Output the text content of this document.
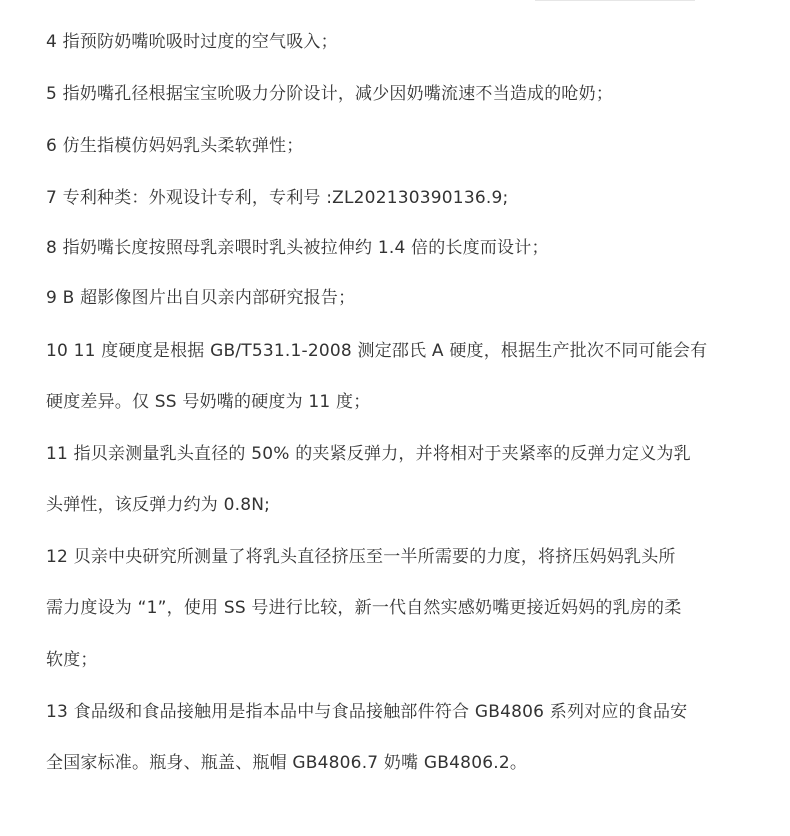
4 指预防奶嘴吮吸时过度的空气吸入；

5 指奶嘴孔径根据宝宝吮吸力分阶设计，减少因奶嘴流速不当造成的呛奶；

6 仿生指模仿妈妈乳头柔软弹性；

7 专利种类：外观设计专利，专利号 :ZL202130390136.9;

8 指奶嘴长度按照母乳亲喂时乳头被拉伸约 1.4 倍的长度而设计；

9 B 超影像图片出自贝亲内部研究报告；

10 11 度硬度是根据 GB/T531.1-2008 测定邵氏 A 硬度，根据生产批次不同可能会有

硬度差异。仅 SS 号奶嘴的硬度为 11 度；

11 指贝亲测量乳头直径的 50% 的夹紧反弹力，并将相对于夹紧率的反弹力定义为乳

头弹性，该反弹力约为 0.8N;

12 贝亲中央研究所测量了将乳头直径挤压至一半所需要的力度，将挤压妈妈乳头所

需力度设为 “1”，使用 SS 号进行比较，新一代自然实感奶嘴更接近妈妈的乳房的柔

软度；

13 食品级和食品接触用是指本品中与食品接触部件符合 GB4806 系列对应的食品安

全国家标准。瓶身、瓶盖、瓶帽 GB4806.7 奶嘴 GB4806.2。
